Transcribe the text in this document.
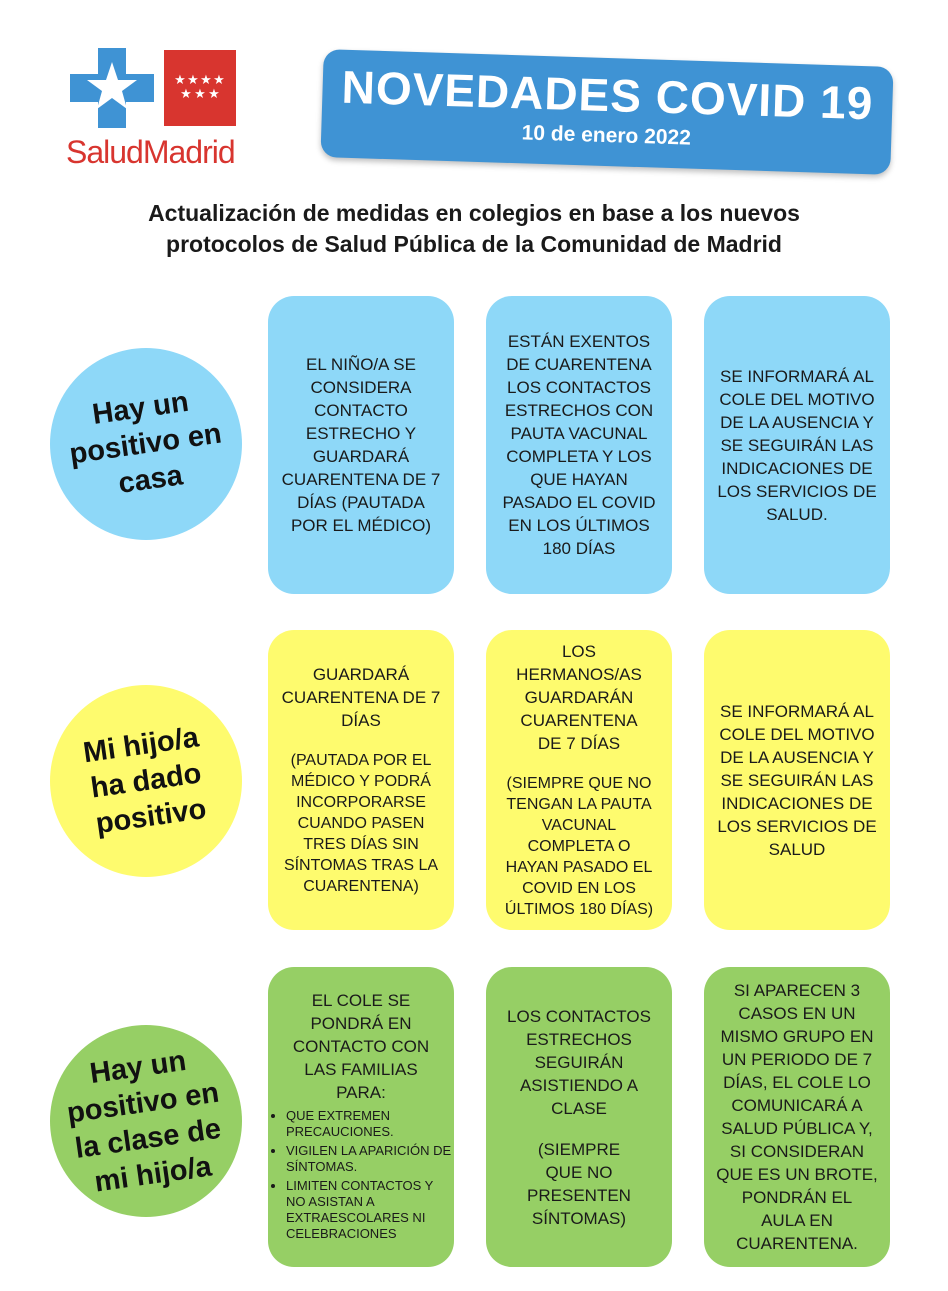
★ ★ ★ ★
★ ★ ★
SaludMadrid
NOVEDADES COVID 19
10 de enero 2022
Actualización de medidas en colegios en base a los nuevos
protocolos de Salud Pública de la Comunidad de Madrid
Hay un
positivo en
casa
EL NIÑO/A SE
CONSIDERA
CONTACTO
ESTRECHO Y
GUARDARÁ
CUARENTENA DE 7
DÍAS (PAUTADA
POR EL MÉDICO)
ESTÁN EXENTOS
DE CUARENTENA
LOS CONTACTOS
ESTRECHOS CON
PAUTA VACUNAL
COMPLETA Y LOS
QUE HAYAN
PASADO EL COVID
EN LOS ÚLTIMOS
180 DÍAS
SE INFORMARÁ AL
COLE DEL MOTIVO
DE LA AUSENCIA Y
SE SEGUIRÁN LAS
INDICACIONES DE
LOS SERVICIOS DE
SALUD.
Mi hijo/a
ha dado
positivo
GUARDARÁ
CUARENTENA DE 7
DÍAS
(PAUTADA POR EL
MÉDICO Y PODRÁ
INCORPORARSE
CUANDO PASEN
TRES DÍAS SIN
SÍNTOMAS TRAS LA
CUARENTENA)
LOS
HERMANOS/AS
GUARDARÁN
CUARENTENA
DE 7 DÍAS
(SIEMPRE QUE NO
TENGAN LA PAUTA
VACUNAL
COMPLETA O
HAYAN PASADO EL
COVID EN LOS
ÚLTIMOS 180 DÍAS)
SE INFORMARÁ AL
COLE DEL MOTIVO
DE LA AUSENCIA Y
SE SEGUIRÁN LAS
INDICACIONES DE
LOS SERVICIOS DE
SALUD
Hay un
positivo en
la clase de
mi hijo/a
EL COLE SE
PONDRÁ EN
CONTACTO CON
LAS FAMILIAS
PARA:
• QUE EXTREMEN PRECAUCIONES.
• VIGILEN LA APARICIÓN DE SÍNTOMAS.
• LIMITEN CONTACTOS Y NO ASISTAN A EXTRAESCOLARES NI CELEBRACIONES
LOS CONTACTOS
ESTRECHOS
SEGUIRÁN
ASISTIENDO A
CLASE
(SIEMPRE
QUE NO
PRESENTEN
SÍNTOMAS)
SI APARECEN 3
CASOS EN UN
MISMO GRUPO EN
UN PERIODO DE 7
DÍAS, EL COLE LO
COMUNICARÁ A
SALUD PÚBLICA Y,
SI CONSIDERAN
QUE ES UN BROTE,
PONDRÁN EL
AULA EN
CUARENTENA.
